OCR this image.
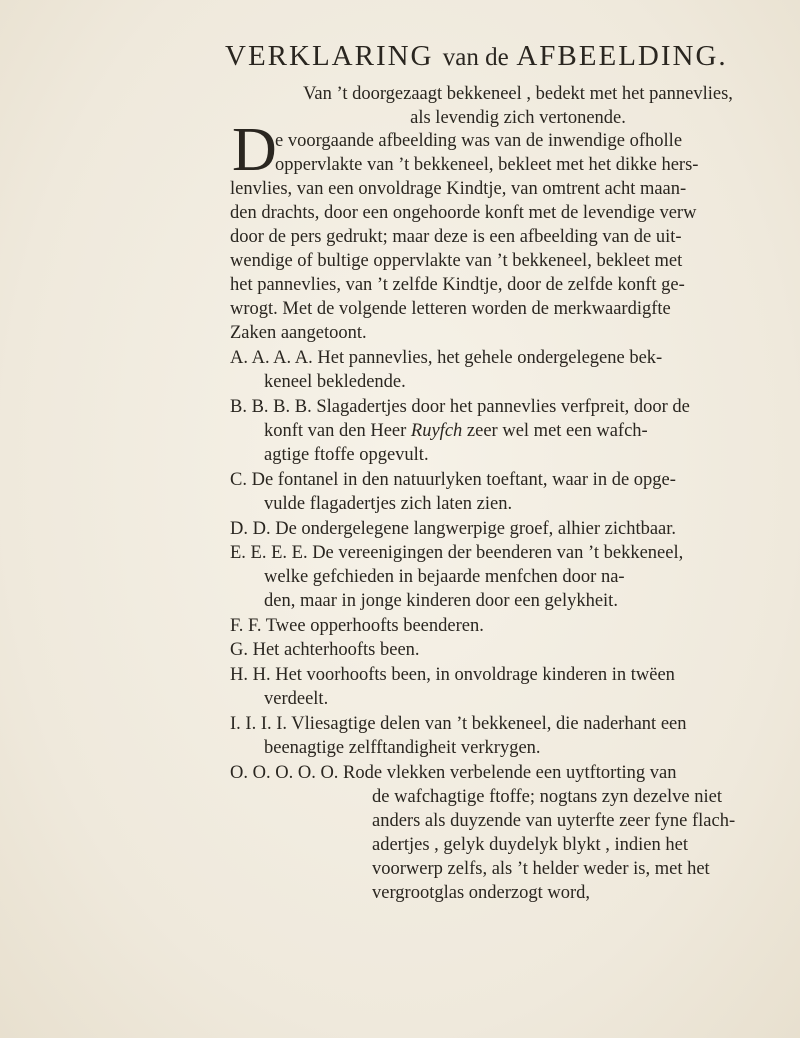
VERKLARING van de AFBEELDING.
Van ’t doorgezaagt bekkeneel , bedekt met het pannevlies,
als levendig zich vertonende.
D
e voorgaande afbeelding was van de inwendige ofholle
oppervlakte van ’t bekkeneel, bekleet met het dikke hers-
lenvlies, van een onvoldrage Kindtje, van omtrent acht maan-
den drachts, door een ongehoorde konft met de levendige verw
door de pers gedrukt; maar deze is een afbeelding van de uit-
wendige of bultige oppervlakte van ’t bekkeneel, bekleet met
het pannevlies, van ’t zelfde Kindtje, door de zelfde konft ge-
wrogt. Met de volgende letteren worden de merkwaardigfte
Zaken aangetoont.
A. A. A. A. Het pannevlies, het gehele ondergelegene bek-
keneel bekledende.
B. B. B. B. Slagadertjes door het pannevlies verfpreit, door de
konft van den Heer Ruyfch zeer wel met een wafch-
agtige ftoffe opgevult.
C. De fontanel in den natuurlyken toeftant, waar in de opge-
vulde flagadertjes zich laten zien.
D. D. De ondergelegene langwerpige groef, alhier zichtbaar.
E. E. E. E. De vereenigingen der beenderen van ’t bekkeneel,
welke gefchieden in bejaarde menfchen door na-
den, maar in jonge kinderen door een gelykheit.
F. F. Twee opperhoofts beenderen.
G. Het achterhoofts been.
H. H. Het voorhoofts been, in onvoldrage kinderen in twëen
verdeelt.
I. I. I. I. Vliesagtige delen van ’t bekkeneel, die naderhant een
beenagtige zelfftandigheit verkrygen.
O. O. O. O. O. Rode vlekken verbelende een uytftorting van
de wafchagtige ftoffe; nogtans zyn dezelve niet
anders als duyzende van uyterfte zeer fyne flach-
adertjes , gelyk duydelyk blykt , indien het
voorwerp zelfs, als ’t helder weder is, met het
vergrootglas onderzogt word,
